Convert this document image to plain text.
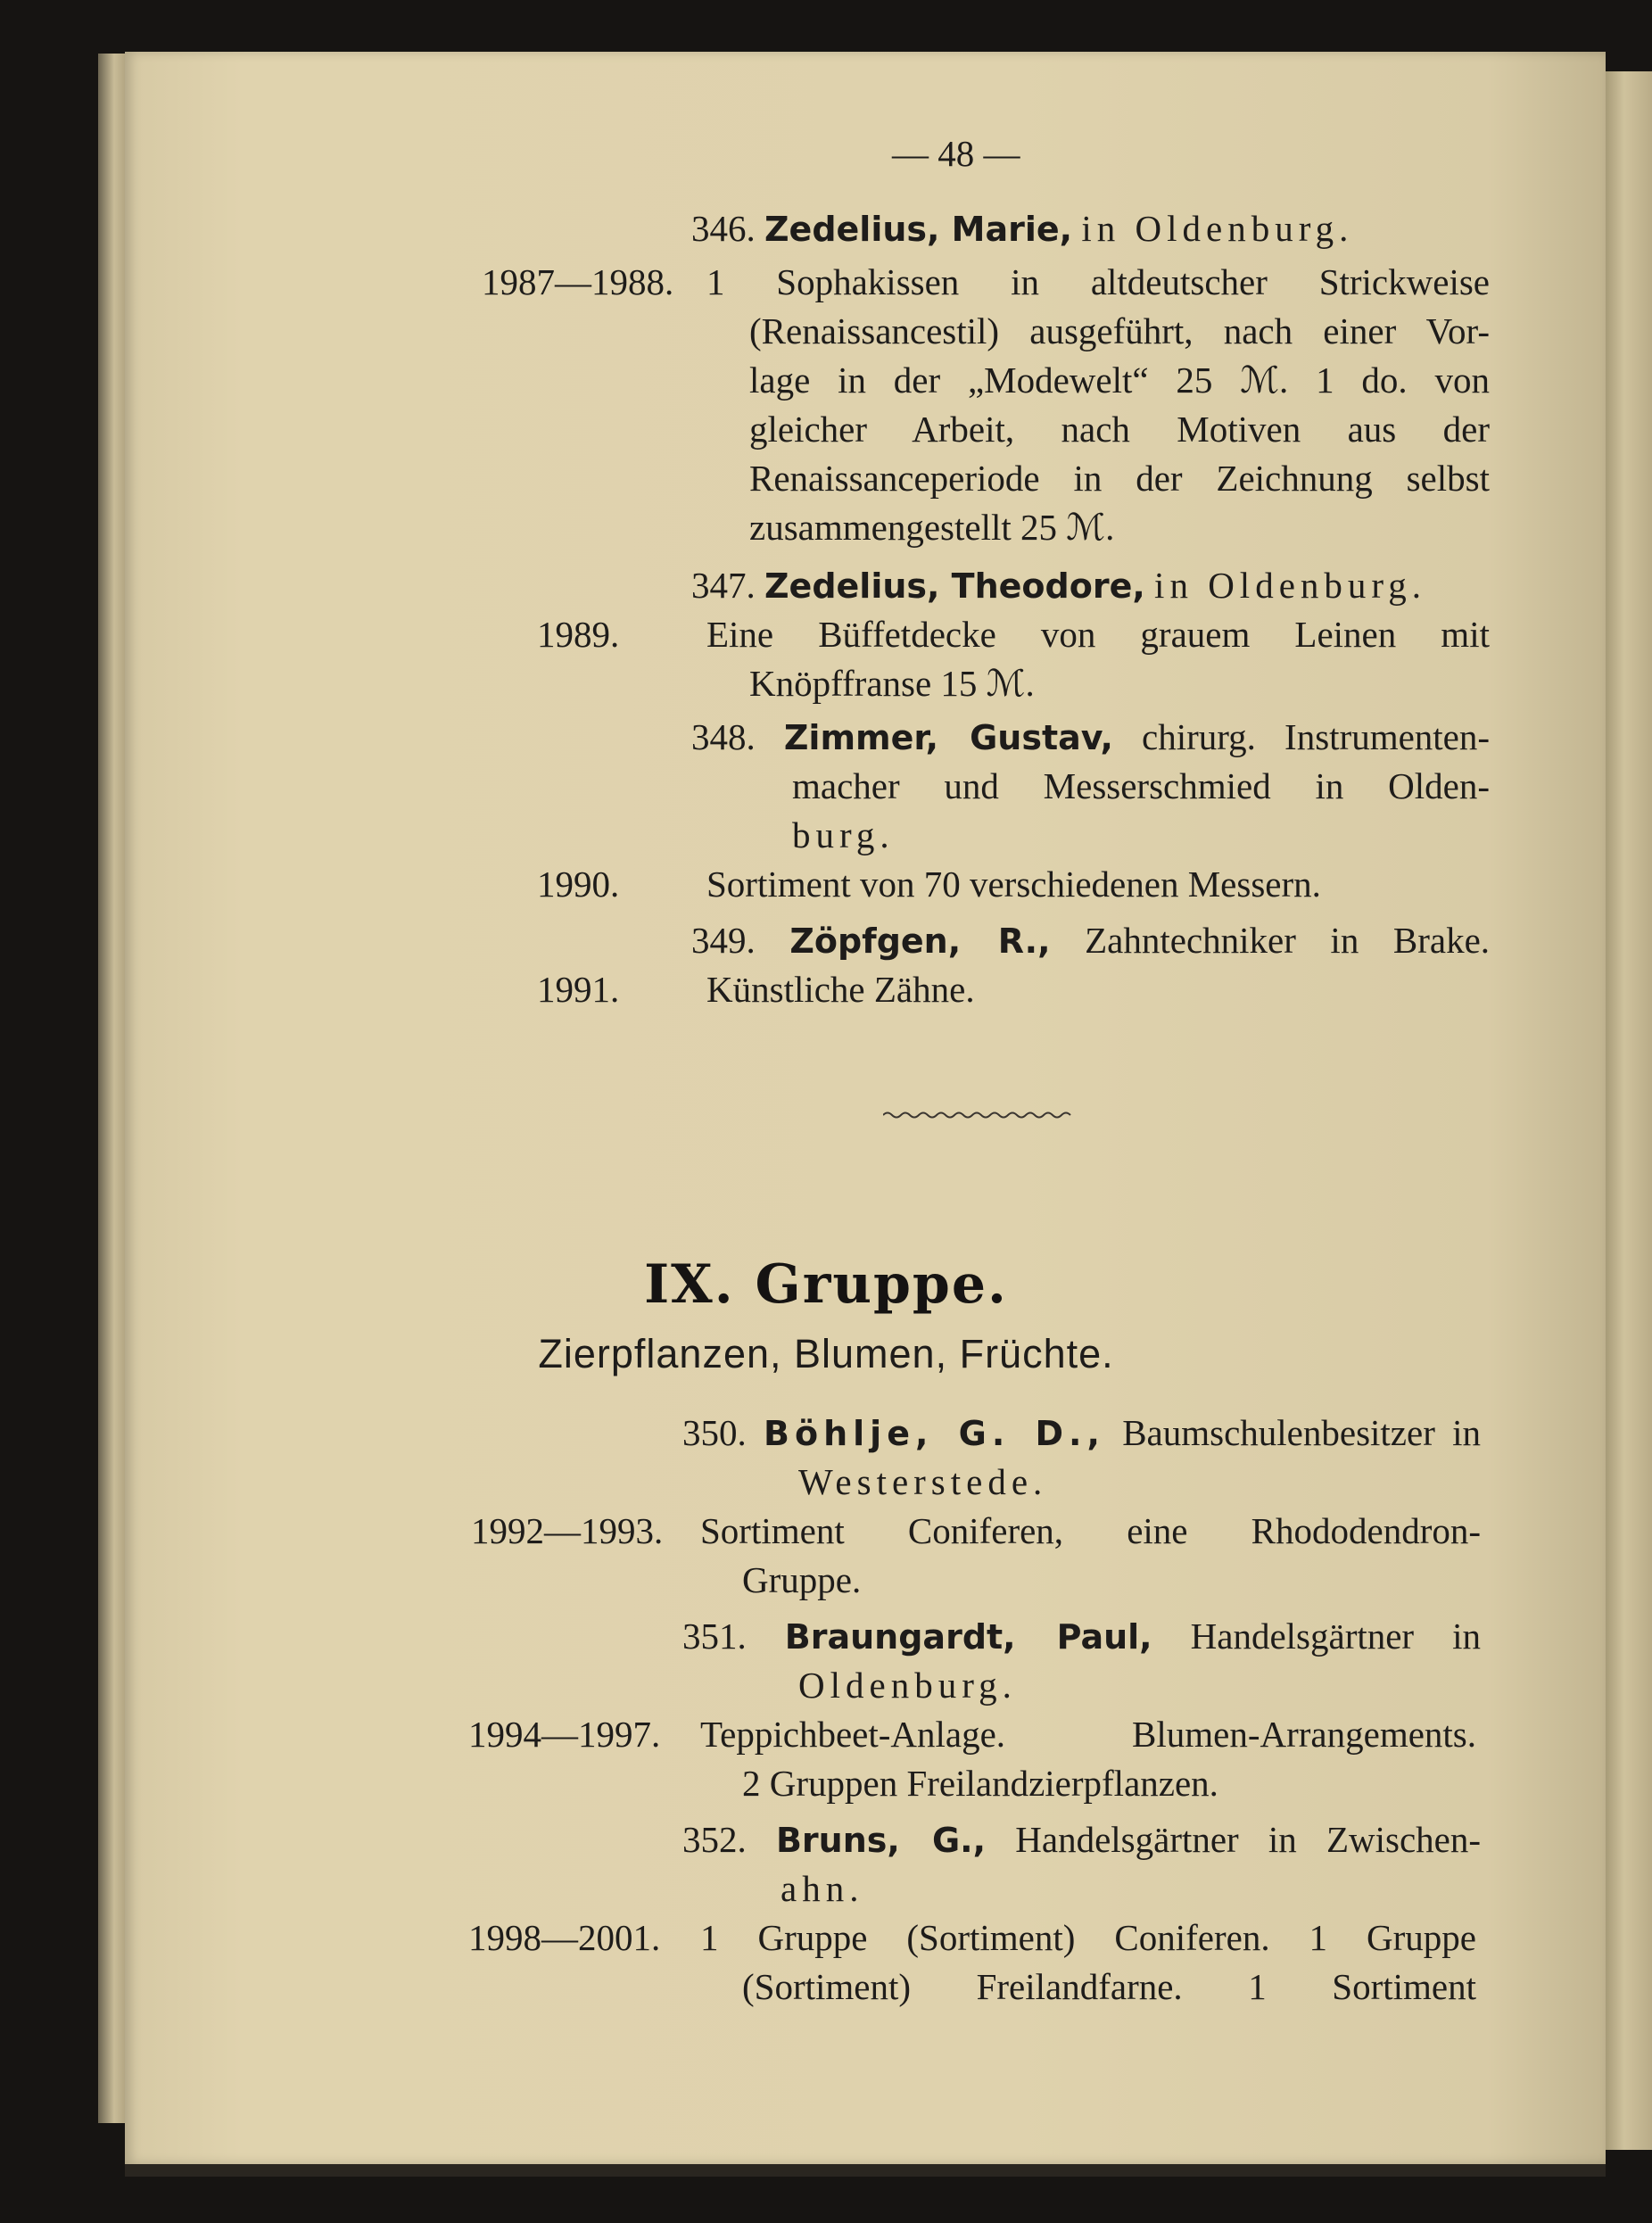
— 48 —
346. Zedelius, Marie, in Oldenburg.
1987—1988. 1 Sophakissen in altdeutscher Strickweise
(Renaissancestil) ausgeführt, nach einer Vor-
lage in der „Modewelt“ 25 ℳ. 1 do. von
gleicher Arbeit, nach Motiven aus der
Renaissanceperiode in der Zeichnung selbst
zusammengestellt 25 ℳ.
347. Zedelius, Theodore, in Oldenburg.
1989. Eine Büffetdecke von grauem Leinen mit
Knöpffranse 15 ℳ.
348. Zimmer, Gustav, chirurg. Instrumenten-
macher und Messerschmied in Olden-
burg.
1990. Sortiment von 70 verschiedenen Messern.
349. Zöpfgen, R., Zahntechniker in Brake.
1991. Künstliche Zähne.
IX. Gruppe.
Zierpflanzen, Blumen, Früchte.
350. Böhlje, G. D., Baumschulenbesitzer in
Westerstede.
1992—1993. Sortiment Coniferen, eine Rhododendron-
Gruppe.
351. Braungardt, Paul, Handelsgärtner in
Oldenburg.
1994—1997. Teppichbeet-Anlage. Blumen-Arrangements.
2 Gruppen Freilandzierpflanzen.
352. Bruns, G., Handelsgärtner in Zwischen-
ahn.
1998—2001. 1 Gruppe (Sortiment) Coniferen. 1 Gruppe
(Sortiment) Freilandfarne. 1 Sortiment
